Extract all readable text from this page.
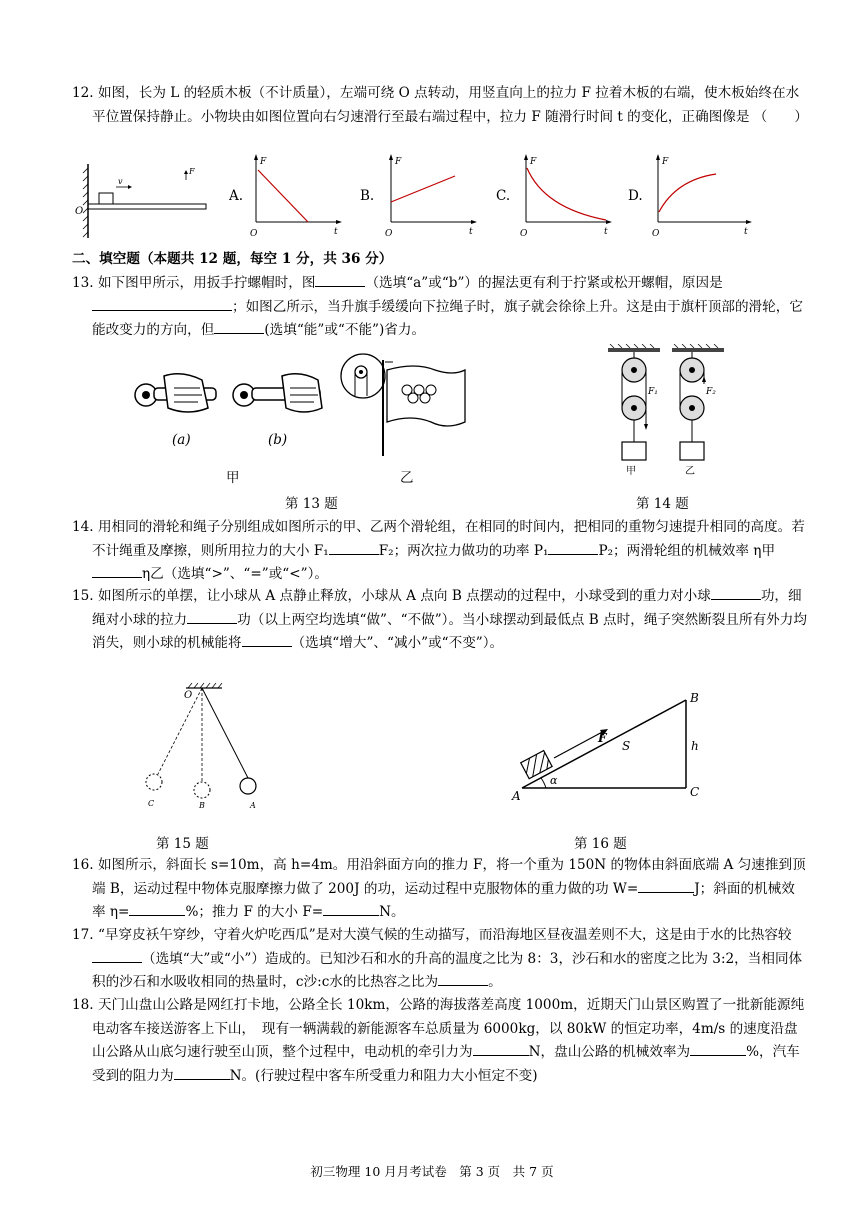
12. 如图，长为 L 的轻质木板（不计质量），左端可绕 O 点转动，用竖直向上的拉力 F 拉着木板的右端，使木板始终在水平位置保持静止。小物块由如图位置向右匀速滑行至最右端过程中，拉力 F 随滑行时间 t 的变化，正确图像是 （　　）
v
F
O
A.
F
t
O
B.
F
t
O
C.
F
t
O
D.
F
t
O
二、填空题（本题共 12 题，每空 1 分，共 36 分）
13. 如下图甲所示，用扳手拧螺帽时，图	（选填“a”或“b”）的握法更有利于拧紧或松开螺帽，原因是；如图乙所示，当升旗手缓缓向下拉绳子时，旗子就会徐徐上升。这是由于旗杆顶部的滑轮，它能改变力的方向，但	(选填“能”或“不能”)省力。
(a)	(b)
甲	乙
第 13 题
F₁
甲
F₂
乙
第 14 题
14. 用相同的滑轮和绳子分别组成如图所示的甲、乙两个滑轮组，在相同的时间内，把相同的重物匀速提升相同的高度。若不计绳重及摩擦，则所用拉力的大小 F₁	F₂；两次拉力做功的功率 P₁	P₂；两滑轮组的机械效率 η甲η乙（选填“>”、“=”或“<”）。
15. 如图所示的单摆，让小球从 A 点静止释放，小球从 A 点向 B 点摆动的过程中，小球受到的重力对小球	功，细绳对小球的拉力	功（以上两空均选填“做”、“不做”）。当小球摆动到最低点 B 点时，绳子突然断裂且所有外力均消失，则小球的机械能将	（选填“增大”、“减小”或“不变”）。
O
A
B
C
第 15 题
F
S	h
α
A
B
C
第 16 题
16. 如图所示，斜面长 s=10m，高 h=4m。用沿斜面方向的推力 F，将一个重为 150N 的物体由斜面底端 A 匀速推到顶端 B，运动过程中物体克服摩擦力做了 200J 的功，运动过程中克服物体的重力做的功 W=	J；斜面的机械效率 η=	%；推力 F 的大小 F=	N。
17. “早穿皮袄午穿纱，守着火炉吃西瓜”是对大漠气候的生动描写，而沿海地区昼夜温差则不大，这是由于水的比热容较（选填“大”或“小”）造成的。已知沙石和水的升高的温度之比为 8：3，沙石和水的密度之比为 3:2，当相同体积的沙石和水吸收相同的热量时，c沙:c水的比热容之比为	。
18. 天门山盘山公路是网红打卡地，公路全长 10km，公路的海拔落差高度 1000m，近期天门山景区购置了一批新能源纯电动客车接送游客上下山，　现有一辆满载的新能源客车总质量为 6000kg，以 80kW 的恒定功率，4m/s 的速度沿盘山公路从山底匀速行驶至山顶，整个过程中，电动机的牵引力为	N，盘山公路的机械效率为	%，汽车受到的阻力为	N。(行驶过程中客车所受重力和阻力大小恒定不变)
初三物理 10 月月考试卷　第 3 页　共 7 页
